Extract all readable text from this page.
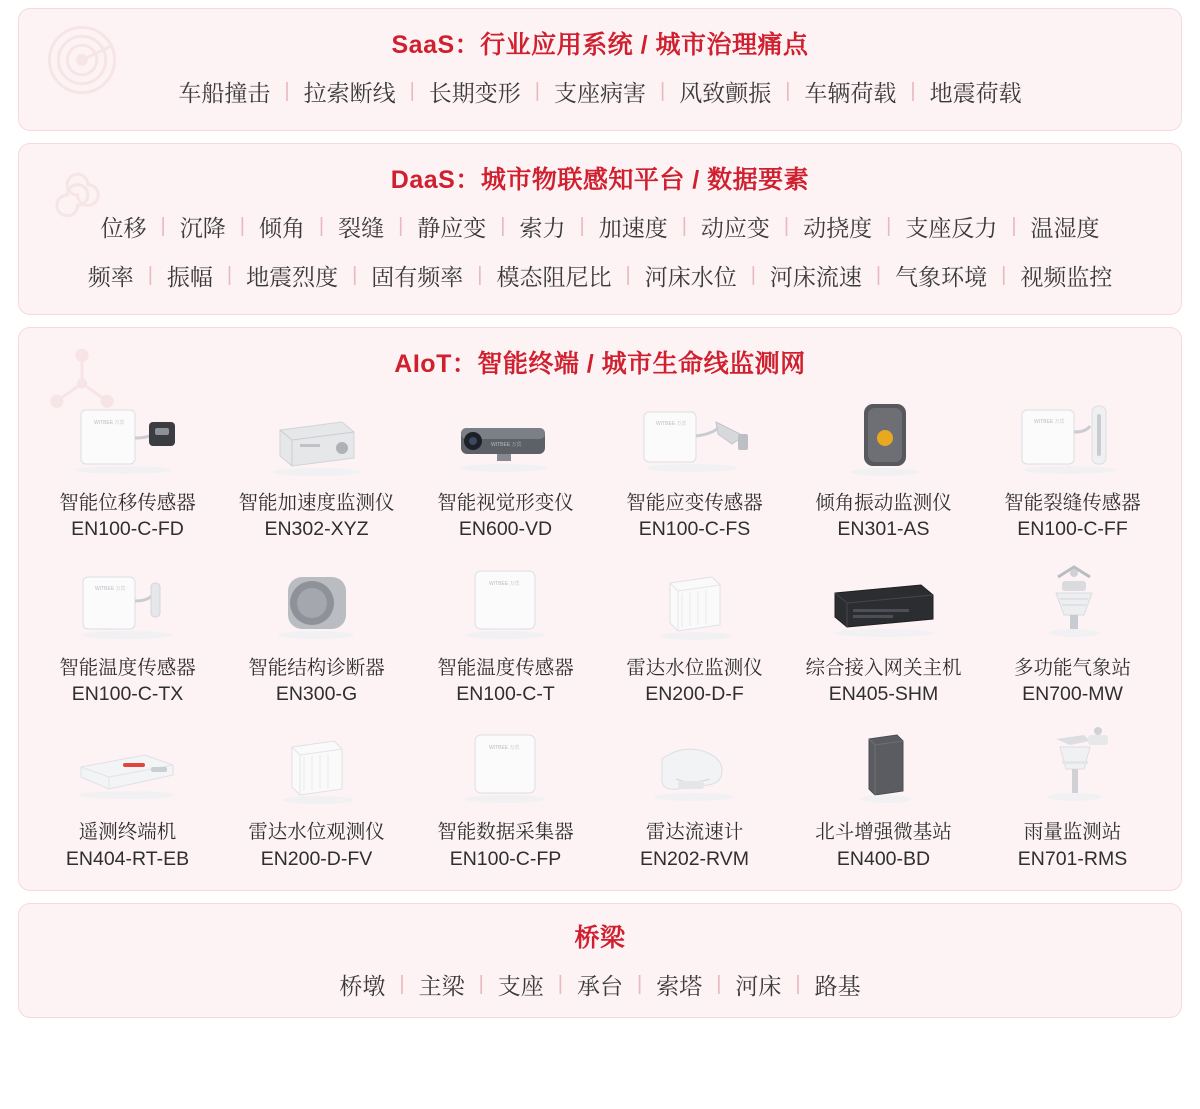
SaaS：行业应用系统 / 城市治理痛点
车船撞击 | 拉索断线 | 长期变形 | 支座病害 | 风致颤振 | 车辆荷载 | 地震荷载
DaaS：城市物联感知平台 / 数据要素
位移 | 沉降 | 倾角 | 裂缝 | 静应变 | 索力 | 加速度 | 动应变 | 动挠度 | 支座反力 | 温湿度
频率 | 振幅 | 地震烈度 | 固有频率 | 模态阻尼比 | 河床水位 | 河床流速 | 气象环境 | 视频监控
AIoT：智能终端 / 城市生命线监测网
WITBEE 万宾
智能位移传感器
EN100-C-FD
智能加速度监测仪
EN302-XYZ
WITBEE 万宾
智能视觉形变仪
EN600-VD
WITBEE 万宾
智能应变传感器
EN100-C-FS
倾角振动监测仪
EN301-AS
WITBEE 万宾
智能裂缝传感器
EN100-C-FF
WITBEE 万宾
智能温度传感器
EN100-C-TX
智能结构诊断器
EN300-G
WITBEE 万宾
智能温度传感器
EN100-C-T
雷达水位监测仪
EN200-D-F
综合接入网关主机
EN405-SHM
多功能气象站
EN700-MW
遥测终端机
EN404-RT-EB
雷达水位观测仪
EN200-D-FV
WITBEE 万宾
智能数据采集器
EN100-C-FP
雷达流速计
EN202-RVM
北斗增强微基站
EN400-BD
雨量监测站
EN701-RMS
桥梁
桥墩 | 主梁 | 支座 | 承台 | 索塔 | 河床 | 路基
